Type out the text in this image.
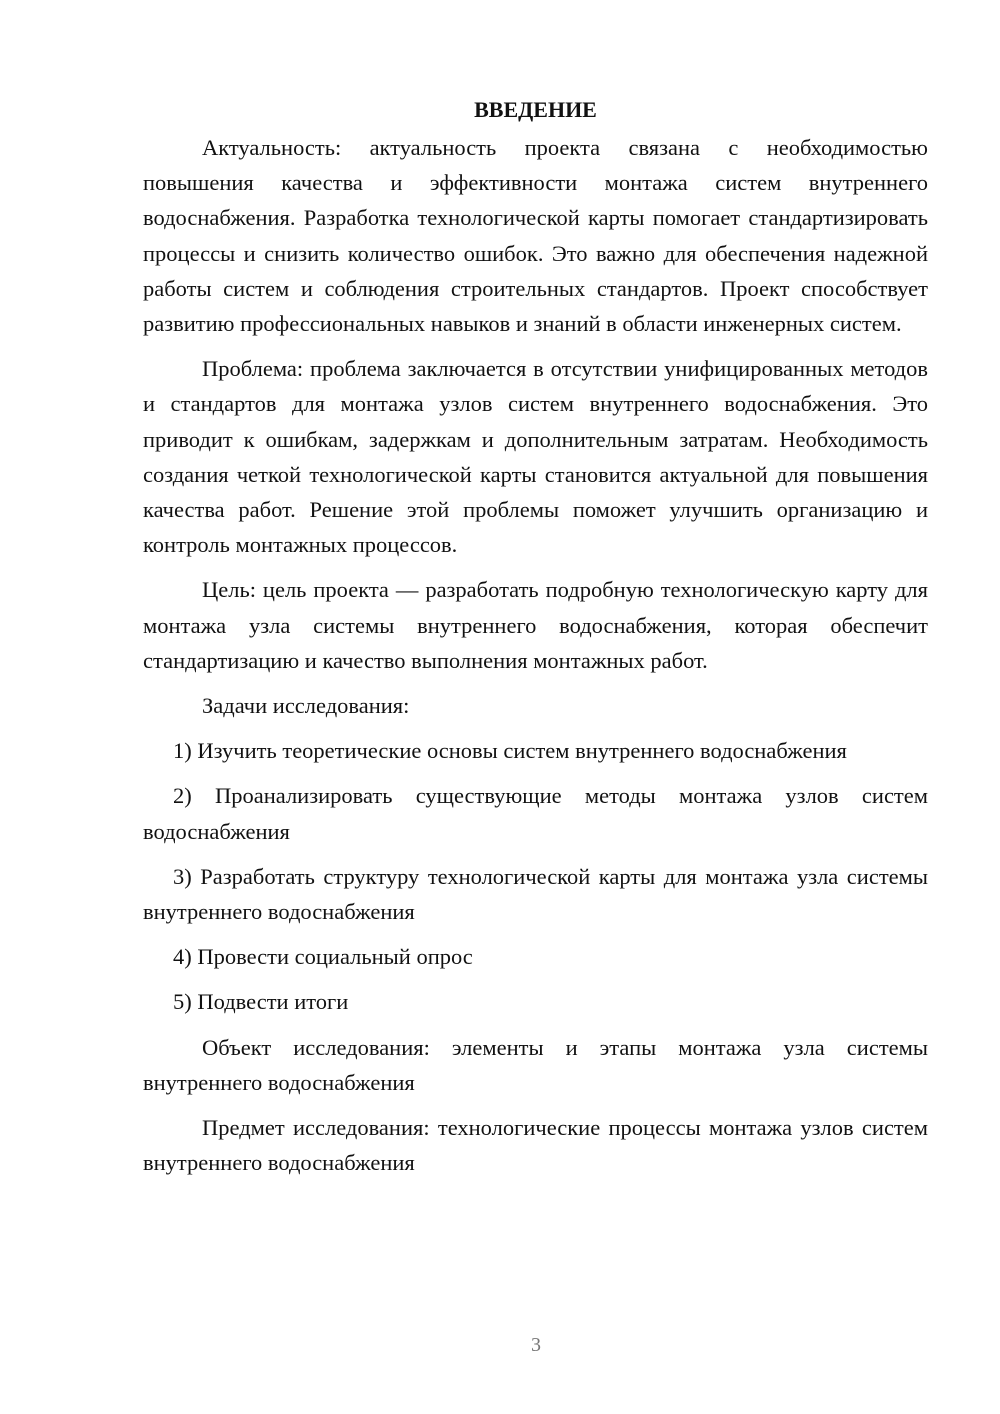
ВВЕДЕНИЕ

Актуальность: актуальность проекта связана с необходимостью повышения качества и эффективности монтажа систем внутреннего водоснабжения. Разработка технологической карты помогает стандартизировать процессы и снизить количество ошибок. Это важно для обеспечения надежной работы систем и соблюдения строительных стандартов. Проект способствует развитию профессиональных навыков и знаний в области инженерных систем.

Проблема: проблема заключается в отсутствии унифицированных методов и стандартов для монтажа узлов систем внутреннего водоснабжения. Это приводит к ошибкам, задержкам и дополнительным затратам. Необходимость создания четкой технологической карты становится актуальной для повышения качества работ. Решение этой проблемы поможет улучшить организацию и контроль монтажных процессов.

Цель: цель проекта — разработать подробную технологическую карту для монтажа узла системы внутреннего водоснабжения, которая обеспечит стандартизацию и качество выполнения монтажных работ.

Задачи исследования:

1) Изучить теоретические основы систем внутреннего водоснабжения

2) Проанализировать существующие методы монтажа узлов систем водоснабжения

3) Разработать структуру технологической карты для монтажа узла системы внутреннего водоснабжения

4) Провести социальный опрос

5) Подвести итоги

Объект исследования: элементы и этапы монтажа узла системы внутреннего водоснабжения

Предмет исследования: технологические процессы монтажа узлов систем внутреннего водоснабжения

3
